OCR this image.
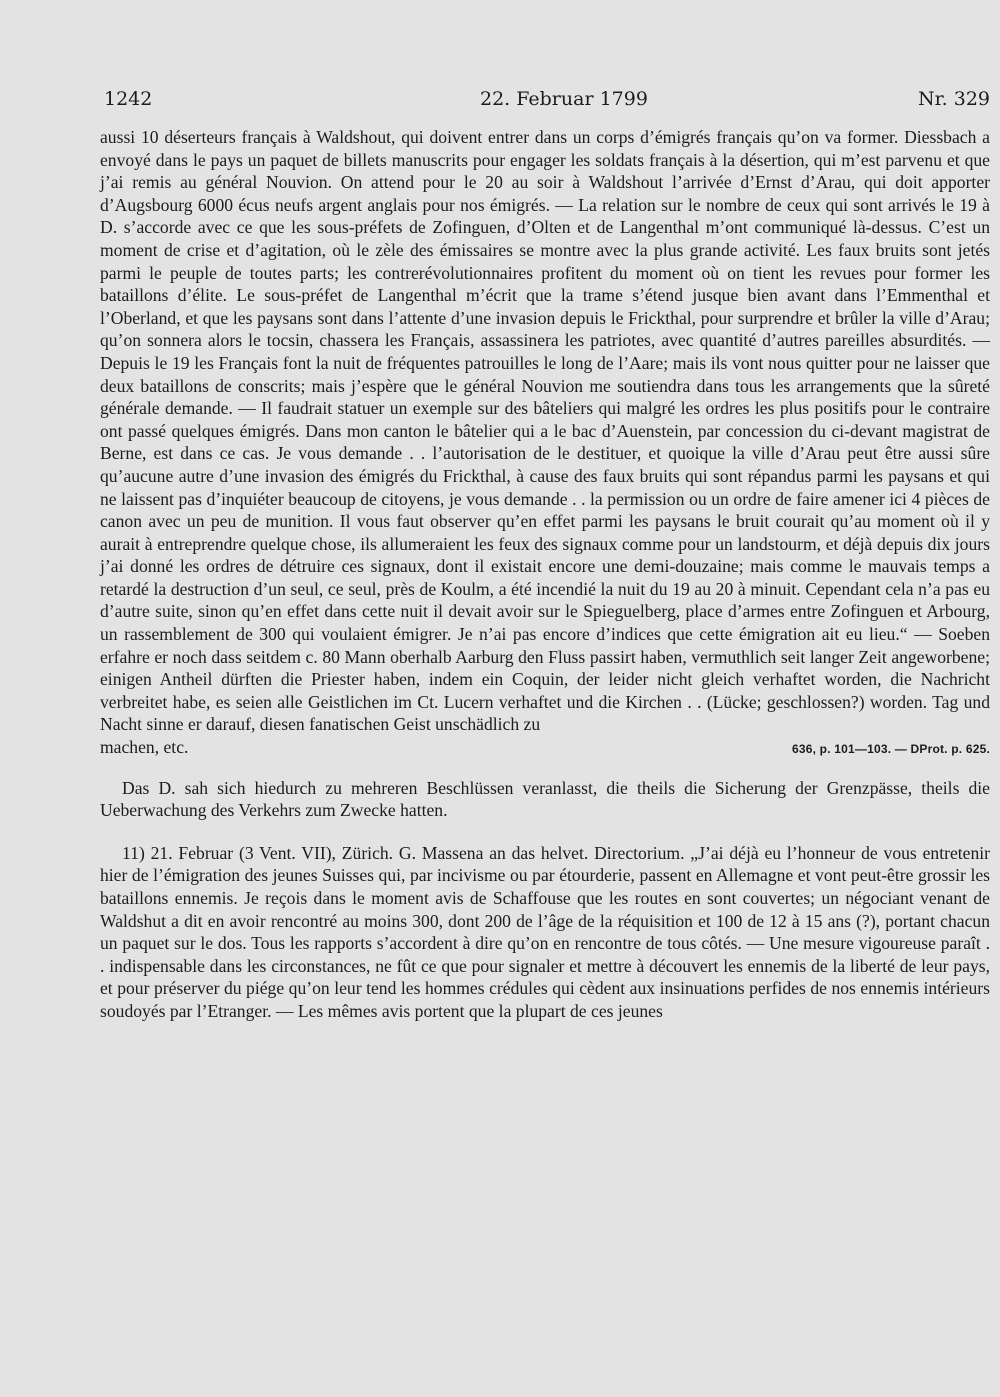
1242	22. Februar 1799	Nr. 329

aussi 10 déserteurs français à Waldshout, qui doivent entrer dans un corps d’émigrés français qu’on va former. Diessbach a envoyé dans le pays un paquet de billets manuscrits pour engager les soldats français à la désertion, qui m’est parvenu et que j’ai remis au général Nouvion. On attend pour le 20 au soir à Waldshout l’arrivée d’Ernst d’Arau, qui doit apporter d’Augsbourg 6000 écus neufs argent anglais pour nos émigrés. — La relation sur le nombre de ceux qui sont arrivés le 19 à D. s’accorde avec ce que les sous-préfets de Zofinguen, d’Olten et de Langenthal m’ont communiqué là-dessus. C’est un moment de crise et d’agitation, où le zèle des émissaires se montre avec la plus grande activité. Les faux bruits sont jetés parmi le peuple de toutes parts; les contrerévolutionnaires profitent du moment où on tient les revues pour former les bataillons d’élite. Le sous-préfet de Langenthal m’écrit que la trame s’étend jusque bien avant dans l’Emmenthal et l’Oberland, et que les paysans sont dans l’attente d’une invasion depuis le Frickthal, pour surprendre et brûler la ville d’Arau; qu’on sonnera alors le tocsin, chassera les Français, assassinera les patriotes, avec quantité d’autres pareilles absurdités. — Depuis le 19 les Français font la nuit de fréquentes patrouilles le long de l’Aare; mais ils vont nous quitter pour ne laisser que deux bataillons de conscrits; mais j’espère que le général Nouvion me soutiendra dans tous les arrangements que la sûreté générale demande. — Il faudrait statuer un exemple sur des bâteliers qui malgré les ordres les plus positifs pour le contraire ont passé quelques émigrés. Dans mon canton le bâtelier qui a le bac d’Auenstein, par concession du ci-devant magistrat de Berne, est dans ce cas. Je vous demande . . l’autorisation de le destituer, et quoique la ville d’Arau peut être aussi sûre qu’aucune autre d’une invasion des émigrés du Frickthal, à cause des faux bruits qui sont répandus parmi les paysans et qui ne laissent pas d’inquiéter beaucoup de citoyens, je vous demande . . la permission ou un ordre de faire amener ici 4 pièces de canon avec un peu de munition. Il vous faut observer qu’en effet parmi les paysans le bruit courait qu’au moment où il y aurait à entreprendre quelque chose, ils allumeraient les feux des signaux comme pour un landstourm, et déjà depuis dix jours j’ai donné les ordres de détruire ces signaux, dont il existait encore une demi-douzaine; mais comme le mauvais temps a retardé la destruction d’un seul, ce seul, près de Koulm, a été incendié la nuit du 19 au 20 à minuit. Cependant cela n’a pas eu d’autre suite, sinon qu’en effet dans cette nuit il devait avoir sur le Spieguelberg, place d’armes entre Zofinguen et Arbourg, un rassemblement de 300 qui voulaient émigrer. Je n’ai pas encore d’indices que cette émigration ait eu lieu.“ — Soeben erfahre er noch dass seitdem c. 80 Mann oberhalb Aarburg den Fluss passirt haben, vermuthlich seit langer Zeit angeworbene; einigen Antheil dürften die Priester haben, indem ein Coquin, der leider nicht gleich verhaftet worden, die Nachricht verbreitet habe, es seien alle Geistlichen im Ct. Lucern verhaftet und die Kirchen . . (Lücke; geschlossen?) worden. Tag und Nacht sinne er darauf, diesen fanatischen Geist unschädlich zu

machen, etc.	636, p. 101—103. — DProt. p. 625.

Das D. sah sich hiedurch zu mehreren Beschlüssen veranlasst, die theils die Sicherung der Grenzpässe, theils die Ueberwachung des Verkehrs zum Zwecke hatten.

11) 21. Februar (3 Vent. VII), Zürich. G. Massena an das helvet. Directorium. „J’ai déjà eu l’honneur de vous entretenir hier de l’émigration des jeunes Suisses qui, par incivisme ou par étourderie, passent en Allemagne et vont peut-être grossir les bataillons ennemis. Je reçois dans le moment avis de Schaffouse que les routes en sont couvertes; un négociant venant de Waldshut a dit en avoir rencontré au moins 300, dont 200 de l’âge de la réquisition et 100 de 12 à 15 ans (?), portant chacun un paquet sur le dos. Tous les rapports s’accordent à dire qu’on en rencontre de tous côtés. — Une mesure vigoureuse paraît . . indispensable dans les circonstances, ne fût ce que pour signaler et mettre à découvert les ennemis de la liberté de leur pays, et pour préserver du piége qu’on leur tend les hommes crédules qui cèdent aux insinuations perfides de nos ennemis intérieurs soudoyés par l’Etranger. — Les mêmes avis portent que la plupart de ces jeunes
